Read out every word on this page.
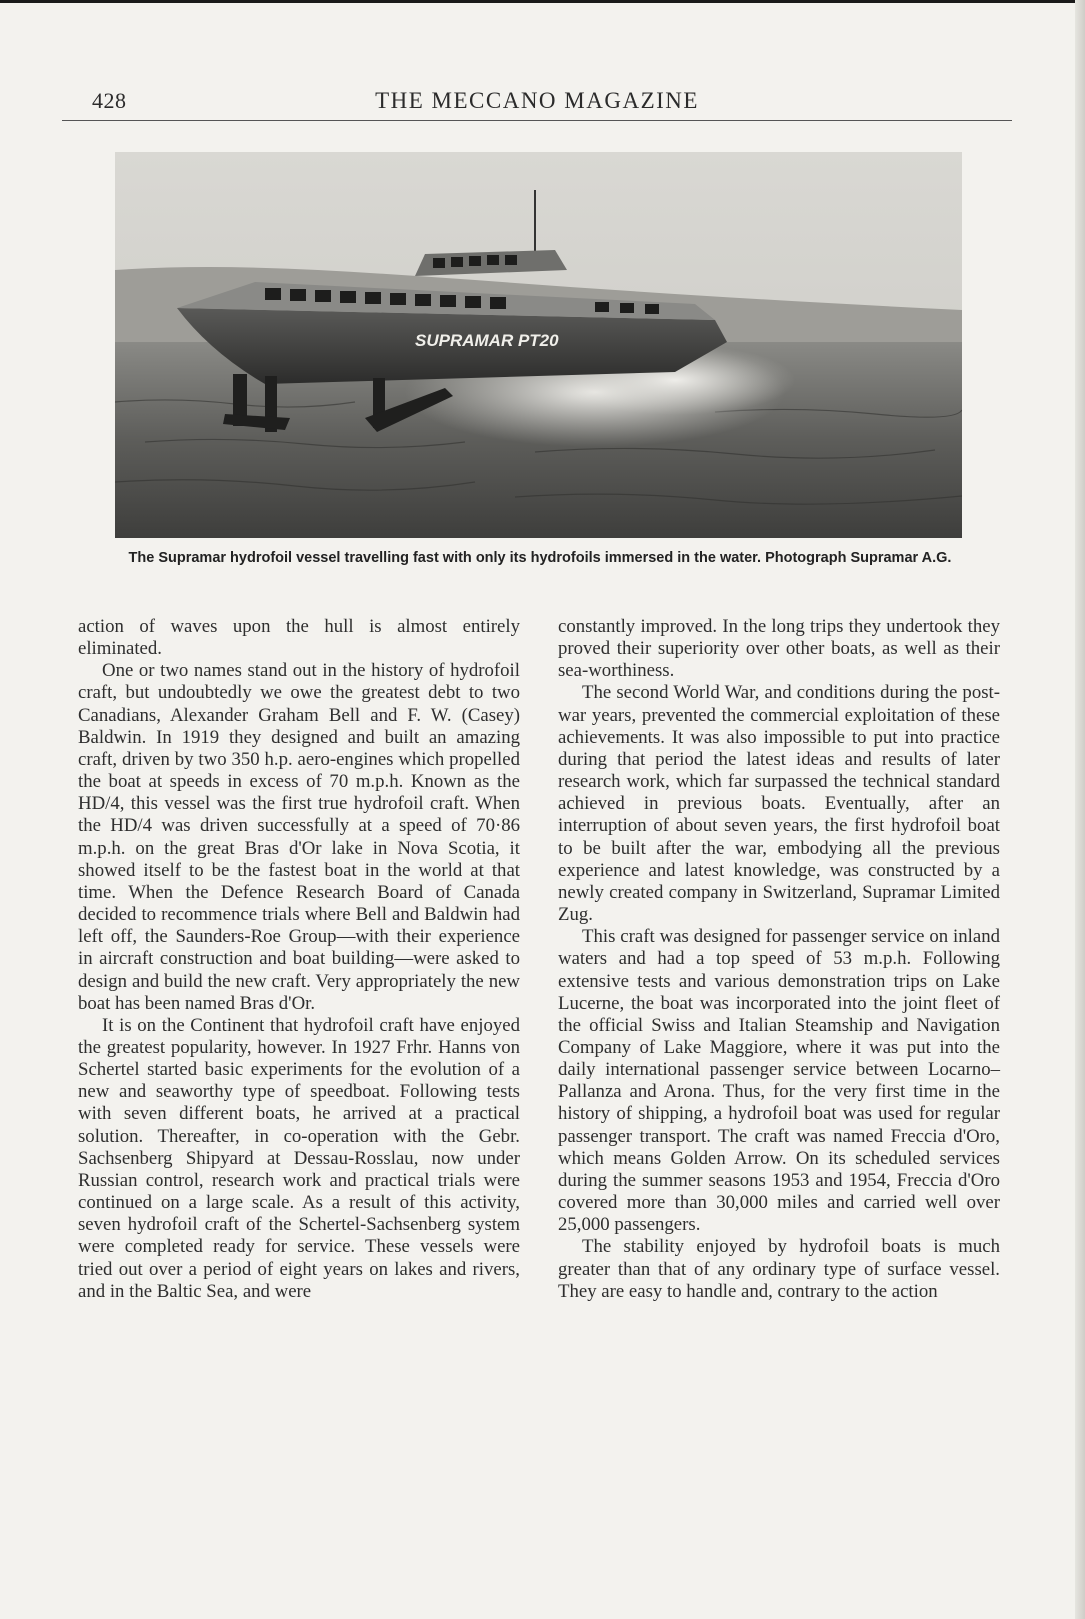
428	THE MECCANO MAGAZINE
SUPRAMAR PT20
The Supramar hydrofoil vessel travelling fast with only its hydrofoils immersed in the water. Photograph Supramar A.G.

action of waves upon the hull is almost entirely eliminated.

One or two names stand out in the history of hydrofoil craft, but undoubtedly we owe the greatest debt to two Canadians, Alexander Graham Bell and F. W. (Casey) Baldwin. In 1919 they designed and built an amazing craft, driven by two 350 h.p. aero-engines which propelled the boat at speeds in excess of 70 m.p.h. Known as the HD/4, this vessel was the first true hydrofoil craft. When the HD/4 was driven successfully at a speed of 70·86 m.p.h. on the great Bras d'Or lake in Nova Scotia, it showed itself to be the fastest boat in the world at that time. When the Defence Research Board of Canada decided to recommence trials where Bell and Baldwin had left off, the Saunders-Roe Group—with their experience in aircraft construction and boat building—were asked to design and build the new craft. Very appropriately the new boat has been named Bras d'Or.

It is on the Continent that hydrofoil craft have enjoyed the greatest popularity, however. In 1927 Frhr. Hanns von Schertel started basic experiments for the evolution of a new and seaworthy type of speedboat. Following tests with seven different boats, he arrived at a practical solution. Thereafter, in co-operation with the Gebr. Sachsenberg Shipyard at Dessau-Rosslau, now under Russian control, research work and practical trials were continued on a large scale. As a result of this activity, seven hydrofoil craft of the Schertel-Sachsenberg system were completed ready for service. These vessels were tried out over a period of eight years on lakes and rivers, and in the Baltic Sea, and were

constantly improved. In the long trips they undertook they proved their superiority over other boats, as well as their sea-worthiness.

The second World War, and conditions during the post-war years, prevented the commercial exploitation of these achievements. It was also impossible to put into practice during that period the latest ideas and results of later research work, which far surpassed the technical standard achieved in previous boats. Eventually, after an interruption of about seven years, the first hydrofoil boat to be built after the war, embodying all the previous experience and latest knowledge, was constructed by a newly created company in Switzerland, Supramar Limited Zug.

This craft was designed for passenger service on inland waters and had a top speed of 53 m.p.h. Following extensive tests and various demonstration trips on Lake Lucerne, the boat was incorporated into the joint fleet of the official Swiss and Italian Steamship and Navigation Company of Lake Maggiore, where it was put into the daily international passenger service between Locarno–Pallanza and Arona. Thus, for the very first time in the history of shipping, a hydrofoil boat was used for regular passenger transport. The craft was named Freccia d'Oro, which means Golden Arrow. On its scheduled services during the summer seasons 1953 and 1954, Freccia d'Oro covered more than 30,000 miles and carried well over 25,000 passengers.

The stability enjoyed by hydrofoil boats is much greater than that of any ordinary type of surface vessel. They are easy to handle and, contrary to the action
